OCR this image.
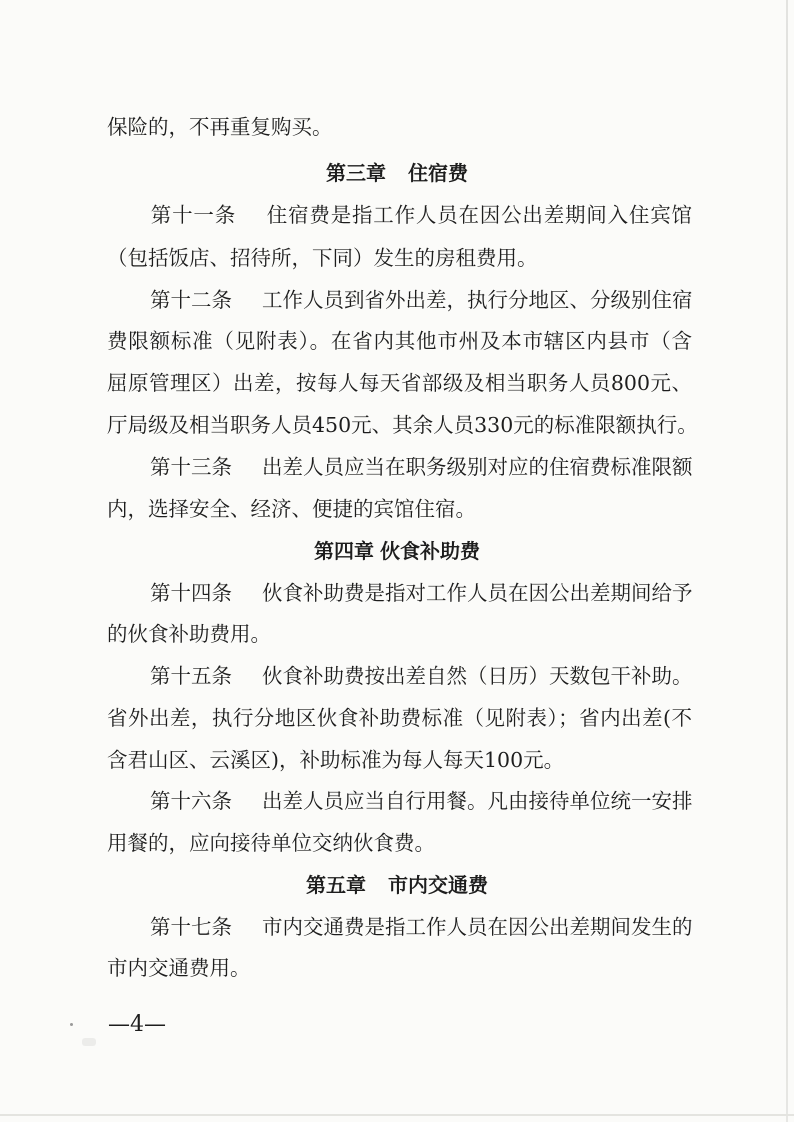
保险的，不再重复购买。
第三章 住宿费
第十一条 住宿费是指工作人员在因公出差期间入住宾馆
（包括饭店、招待所，下同）发生的房租费用。
第十二条 工作人员到省外出差，执行分地区、分级别住宿
费限额标准（见附表）。在省内其他市州及本市辖区内县市（含
屈原管理区）出差，按每人每天省部级及相当职务人员800元、
厅局级及相当职务人员450元、其余人员330元的标准限额执行。
第十三条 出差人员应当在职务级别对应的住宿费标准限额
内，选择安全、经济、便捷的宾馆住宿。
第四章 伙食补助费
第十四条 伙食补助费是指对工作人员在因公出差期间给予
的伙食补助费用。
第十五条 伙食补助费按出差自然（日历）天数包干补助。
省外出差，执行分地区伙食补助费标准（见附表）；省内出差(不
含君山区、云溪区)，补助标准为每人每天100元。
第十六条 出差人员应当自行用餐。凡由接待单位统一安排
用餐的，应向接待单位交纳伙食费。
第五章 市内交通费
第十七条 市内交通费是指工作人员在因公出差期间发生的
市内交通费用。
—4—
